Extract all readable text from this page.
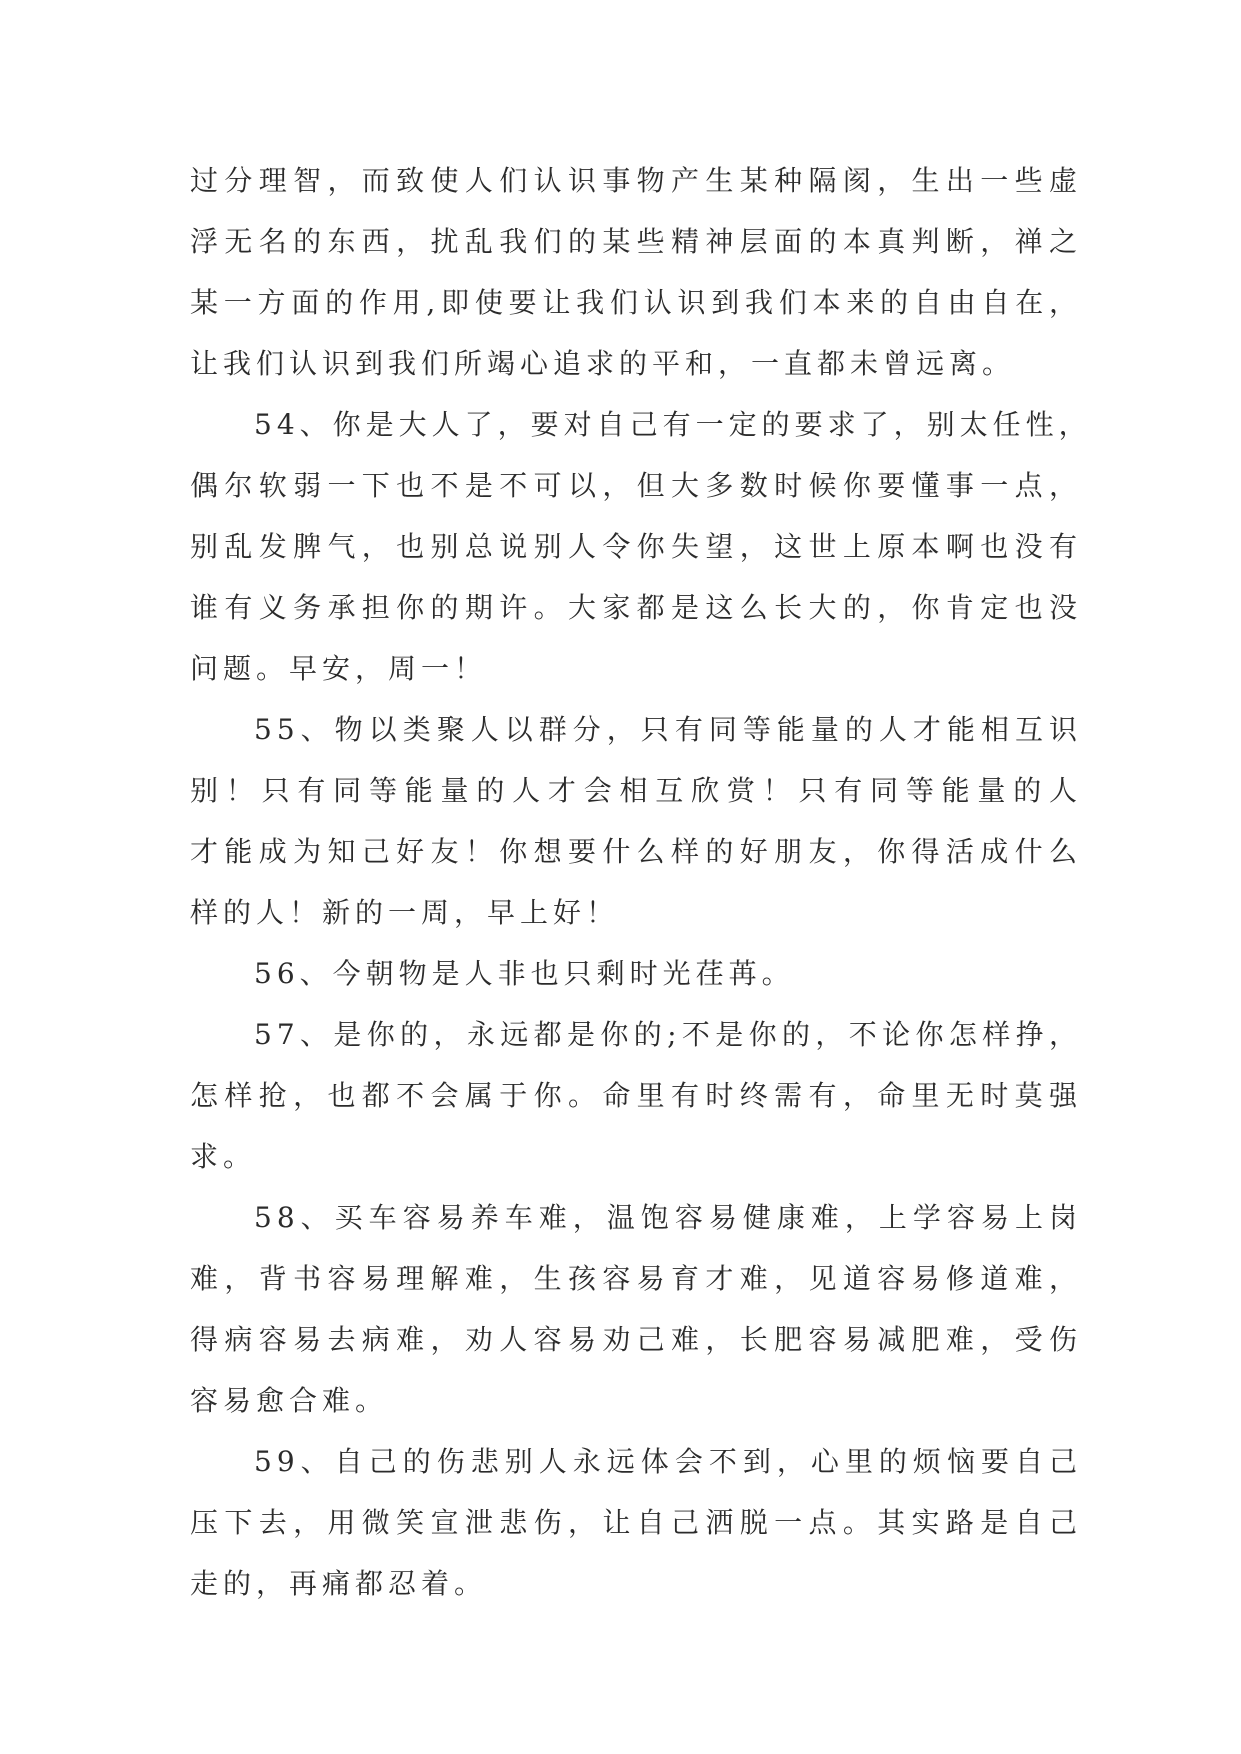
过分理智，而致使人们认识事物产生某种隔阂，生出一些虚
浮无名的东西，扰乱我们的某些精神层面的本真判断，禅之
某一方面的作用,即使要让我们认识到我们本来的自由自在，
让我们认识到我们所竭心追求的平和，一直都未曾远离。

54、你是大人了，要对自己有一定的要求了，别太任性，
偶尔软弱一下也不是不可以，但大多数时候你要懂事一点，
别乱发脾气，也别总说别人令你失望，这世上原本啊也没有
谁有义务承担你的期许。大家都是这么长大的，你肯定也没
问题。早安，周一！

55、物以类聚人以群分，只有同等能量的人才能相互识
别！只有同等能量的人才会相互欣赏！只有同等能量的人
才能成为知己好友！你想要什么样的好朋友，你得活成什么
样的人！新的一周，早上好！

56、今朝物是人非也只剩时光荏苒。

57、是你的，永远都是你的;不是你的，不论你怎样挣，
怎样抢，也都不会属于你。命里有时终需有，命里无时莫强
求。

58、买车容易养车难，温饱容易健康难，上学容易上岗
难，背书容易理解难，生孩容易育才难，见道容易修道难，
得病容易去病难，劝人容易劝己难，长肥容易减肥难，受伤
容易愈合难。

59、自己的伤悲别人永远体会不到，心里的烦恼要自己
压下去，用微笑宣泄悲伤，让自己洒脱一点。其实路是自己
走的，再痛都忍着。
